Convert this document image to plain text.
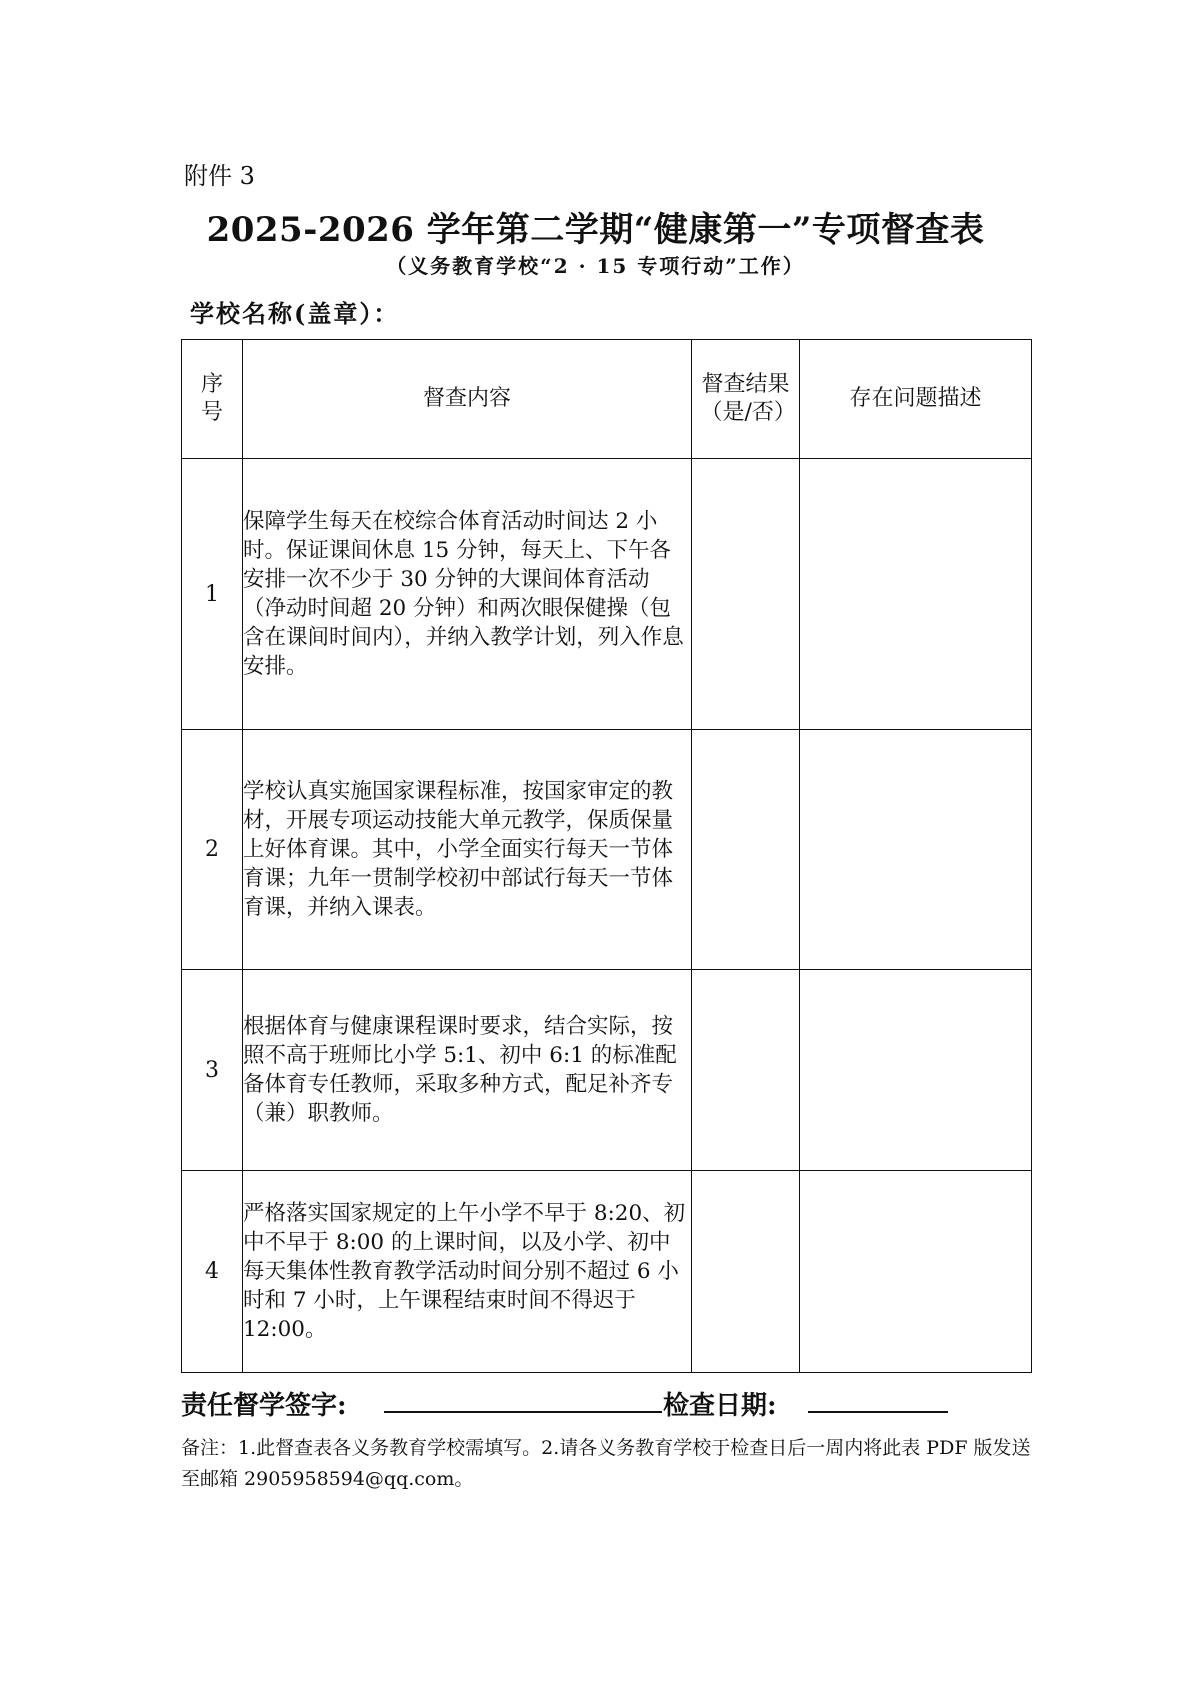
附件 3
2025-2026 学年第二学期“健康第一”专项督查表
（义务教育学校“2 · 15 专项行动”工作）
学校名称(盖章）：
序号	督查内容	督查结果（是/否）	存在问题描述
1	保障学生每天在校综合体育活动时间达 2 小时。保证课间休息 15 分钟，每天上、下午各安排一次不少于 30 分钟的大课间体育活动（净动时间超 20 分钟）和两次眼保健操（包含在课间时间内），并纳入教学计划，列入作息安排。		
2	学校认真实施国家课程标准，按国家审定的教材，开展专项运动技能大单元教学，保质保量上好体育课。其中，小学全面实行每天一节体育课；九年一贯制学校初中部试行每天一节体育课，并纳入课表。		
3	根据体育与健康课程课时要求，结合实际，按照不高于班师比小学 5:1、初中 6:1 的标准配备体育专任教师，采取多种方式，配足补齐专（兼）职教师。		
4	严格落实国家规定的上午小学不早于 8:20、初中不早于 8:00 的上课时间，以及小学、初中每天集体性教育教学活动时间分别不超过 6 小时和 7 小时，上午课程结束时间不得迟于 12:00。		
责任督学签字:	检查日期:
备注：1.此督查表各义务教育学校需填写。2.请各义务教育学校于检查日后一周内将此表 PDF 版发送至邮箱 2905958594@qq.com。
